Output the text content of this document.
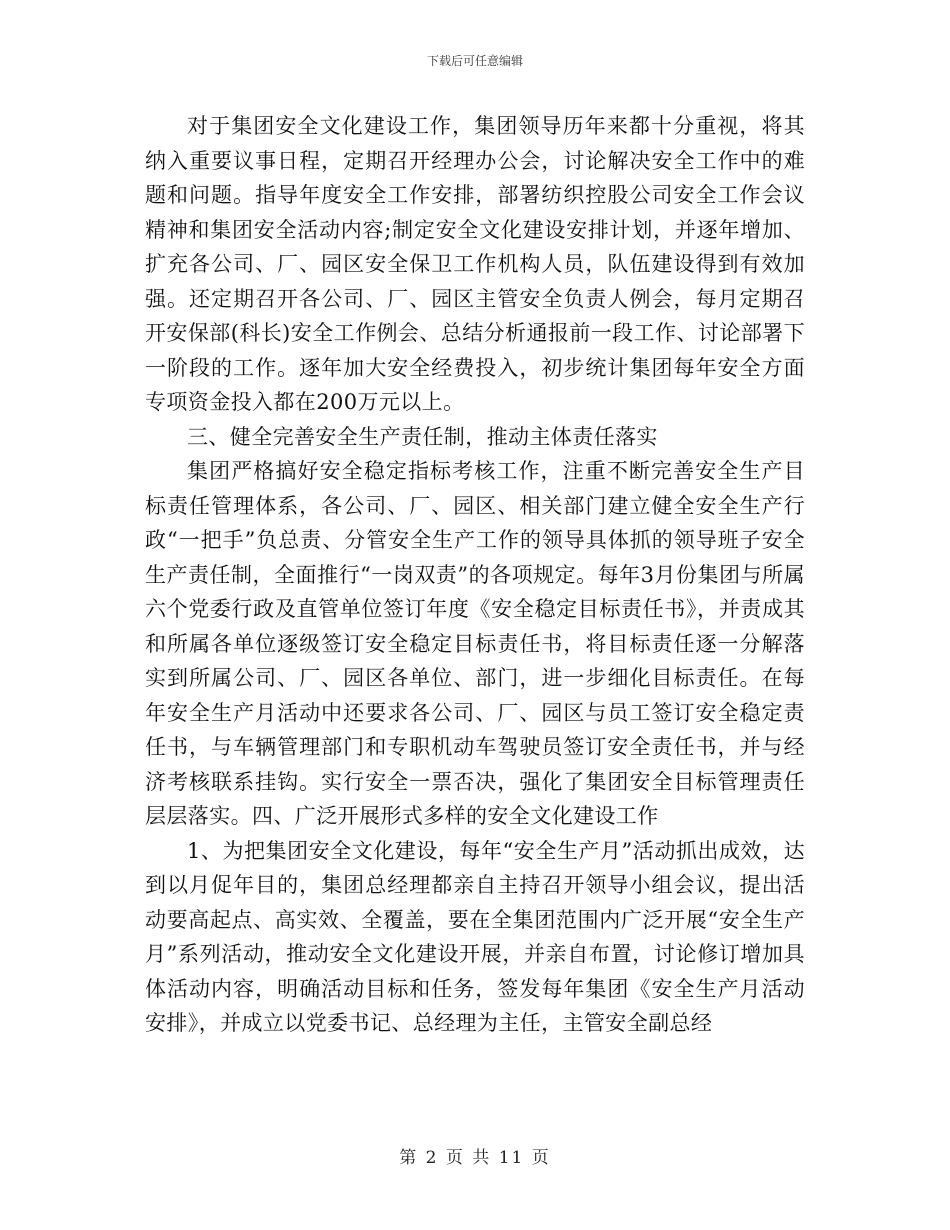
下载后可任意编辑

对于集团安全文化建设工作，集团领导历年来都十分重视，将其纳入重要议事日程，定期召开经理办公会，讨论解决安全工作中的难题和问题。指导年度安全工作安排，部署纺织控股公司安全工作会议精神和集团安全活动内容;制定安全文化建设安排计划，并逐年增加、扩充各公司、厂、园区安全保卫工作机构人员，队伍建设得到有效加强。还定期召开各公司、厂、园区主管安全负责人例会，每月定期召开安保部(科长)安全工作例会、总结分析通报前一段工作、讨论部署下一阶段的工作。逐年加大安全经费投入，初步统计集团每年安全方面专项资金投入都在200万元以上。

三、健全完善安全生产责任制，推动主体责任落实

集团严格搞好安全稳定指标考核工作，注重不断完善安全生产目标责任管理体系，各公司、厂、园区、相关部门建立健全安全生产行政“一把手”负总责、分管安全生产工作的领导具体抓的领导班子安全生产责任制，全面推行“一岗双责”的各项规定。每年3月份集团与所属六个党委行政及直管单位签订年度《安全稳定目标责任书》，并责成其和所属各单位逐级签订安全稳定目标责任书，将目标责任逐一分解落实到所属公司、厂、园区各单位、部门，进一步细化目标责任。在每年安全生产月活动中还要求各公司、厂、园区与员工签订安全稳定责任书，与车辆管理部门和专职机动车驾驶员签订安全责任书，并与经济考核联系挂钩。实行安全一票否决，强化了集团安全目标管理责任层层落实。四、广泛开展形式多样的安全文化建设工作

1、为把集团安全文化建设，每年“安全生产月”活动抓出成效，达到以月促年目的，集团总经理都亲自主持召开领导小组会议，提出活动要高起点、高实效、全覆盖，要在全集团范围内广泛开展“安全生产月”系列活动，推动安全文化建设开展，并亲自布置，讨论修订增加具体活动内容，明确活动目标和任务，签发每年集团《安全生产月活动安排》，并成立以党委书记、总经理为主任，主管安全副总经

第 2 页 共 11 页
